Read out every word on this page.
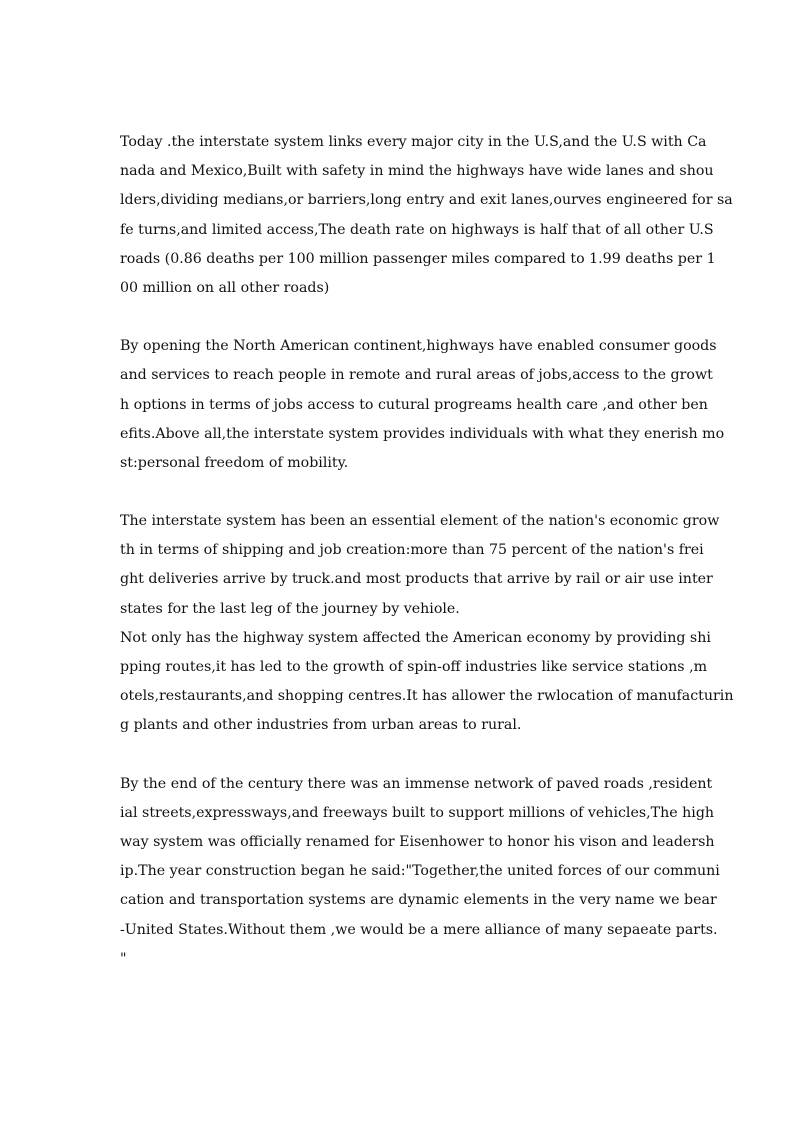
Today .the interstate system links every major city in the U.S,and the U.S with Ca
nada and Mexico,Built with safety in mind the highways have wide lanes and shou
lders,dividing medians,or barriers,long entry and exit lanes,ourves engineered for sa
fe turns,and limited access,The death rate on highways is half that of all other U.S
roads (0.86 deaths per 100 million passenger miles compared to 1.99 deaths per 1
00 million on all other roads)

By opening the North American continent,highways have enabled consumer goods
and services to reach people in remote and rural areas of jobs,access to the growt
h options in terms of jobs access to cutural progreams health care ,and other ben
efits.Above all,the interstate system provides individuals with what they enerish mo
st:personal freedom of mobility.

The interstate system has been an essential element of the nation's economic grow
th in terms of shipping and job creation:more than 75 percent of the nation's frei
ght deliveries arrive by truck.and most products that arrive by rail or air use inter
states for the last leg of the journey by vehiole.
Not only has the highway system affected the American economy by providing shi
pping routes,it has led to the growth of spin-off industries like service stations ,m
otels,restaurants,and shopping centres.It has allower the rwlocation of manufacturin
g plants and other industries from urban areas to rural.

By the end of the century there was an immense network of paved roads ,resident
ial streets,expressways,and freeways built to support millions of vehicles,The high
way system was officially renamed for Eisenhower to honor his vison and leadersh
ip.The year construction began he said:"Together,the united forces of our communi
cation and transportation systems are dynamic elements in the very name we bear
-United States.Without them ,we would be a mere alliance of many sepaeate parts.
"
